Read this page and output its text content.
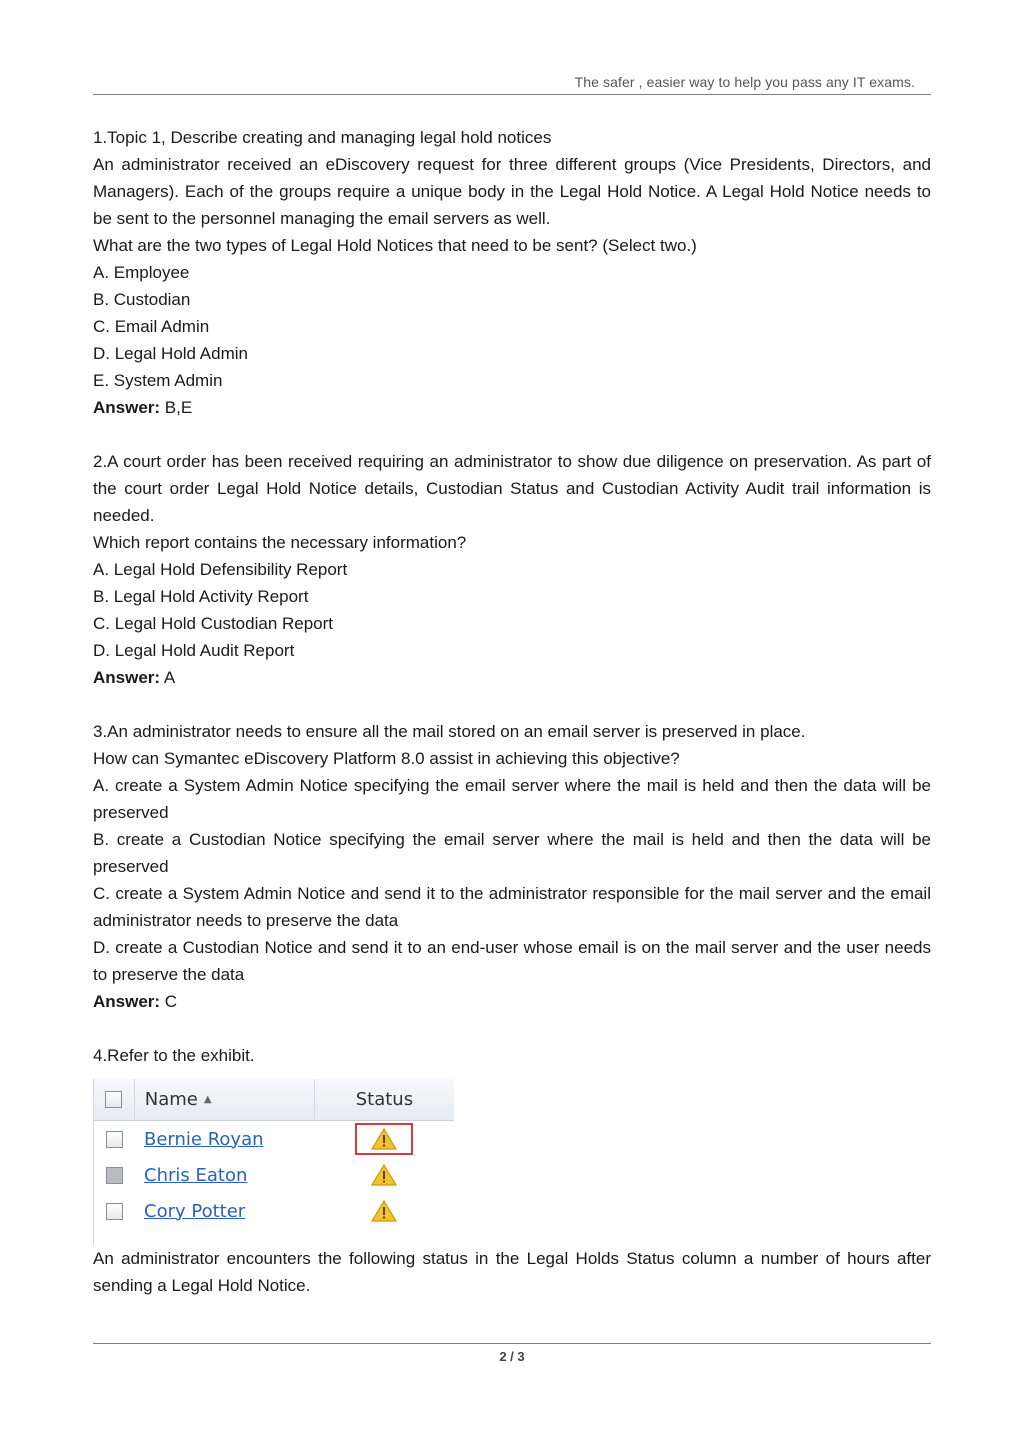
The safer , easier way to help you pass any IT exams.

1.Topic 1, Describe creating and managing legal hold notices

An administrator received an eDiscovery request for three different groups (Vice Presidents, Directors, and Managers). Each of the groups require a unique body in the Legal Hold Notice. A Legal Hold Notice needs to be sent to the personnel managing the email servers as well.

What are the two types of Legal Hold Notices that need to be sent? (Select two.)

A. Employee

B. Custodian

C. Email Admin

D. Legal Hold Admin

E. System Admin

Answer: B,E

2.A court order has been received requiring an administrator to show due diligence on preservation. As part of the court order Legal Hold Notice details, Custodian Status and Custodian Activity Audit trail information is needed.

Which report contains the necessary information?

A. Legal Hold Defensibility Report

B. Legal Hold Activity Report

C. Legal Hold Custodian Report

D. Legal Hold Audit Report

Answer: A

3.An administrator needs to ensure all the mail stored on an email server is preserved in place.

How can Symantec eDiscovery Platform 8.0 assist in achieving this objective?

A. create a System Admin Notice specifying the email server where the mail is held and then the data will be preserved

B. create a Custodian Notice specifying the email server where the mail is held and then the data will be preserved

C. create a System Admin Notice and send it to the administrator responsible for the mail server and the email administrator needs to preserve the data

D. create a Custodian Notice and send it to an end-user whose email is on the mail server and the user needs to preserve the data

Answer: C

4.Refer to the exhibit.

Name ▲	Status
Bernie Royan
Chris Eaton
Cory Potter

An administrator encounters the following status in the Legal Holds Status column a number of hours after sending a Legal Hold Notice.

2 / 3
